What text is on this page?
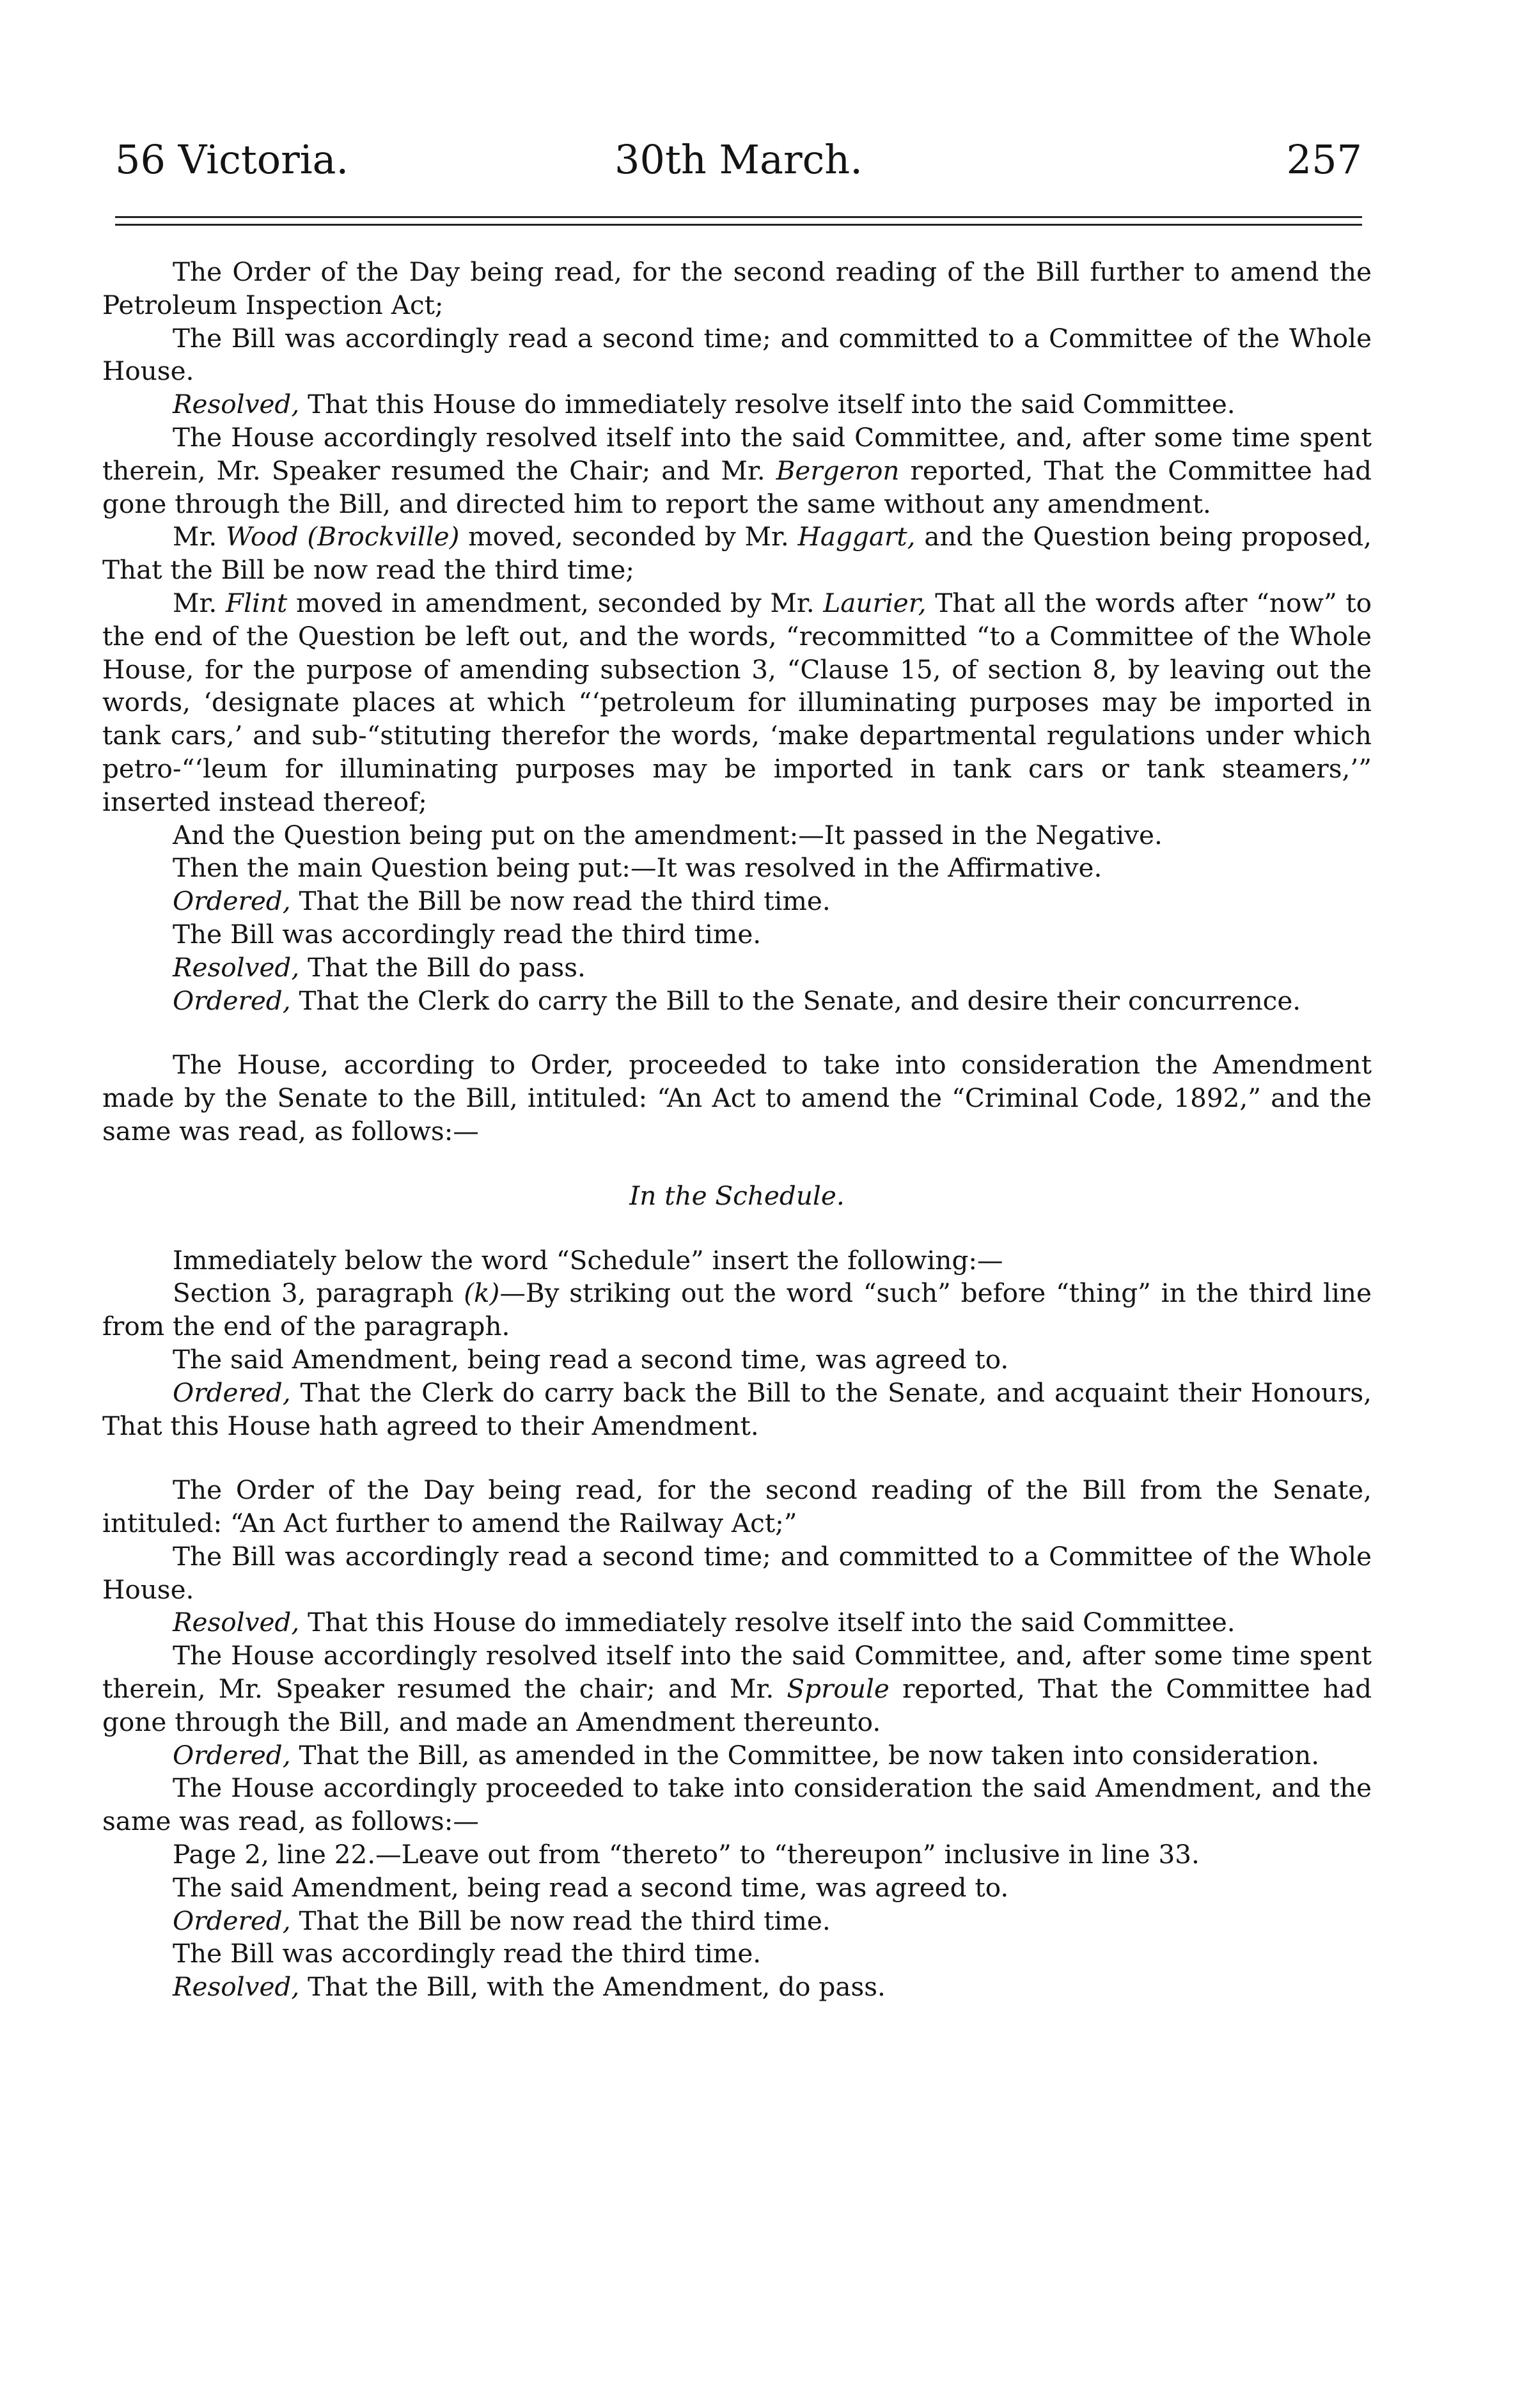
56 Victoria.	30th March.	257

The Order of the Day being read, for the second reading of the Bill further to amend the Petroleum Inspection Act;

The Bill was accordingly read a second time; and committed to a Committee of the Whole House.

Resolved, That this House do immediately resolve itself into the said Committee.

The House accordingly resolved itself into the said Committee, and, after some time spent therein, Mr. Speaker resumed the Chair; and Mr. Bergeron reported, That the Committee had gone through the Bill, and directed him to report the same without any amendment.

Mr. Wood (Brockville) moved, seconded by Mr. Haggart, and the Question being proposed, That the Bill be now read the third time;

Mr. Flint moved in amendment, seconded by Mr. Laurier, That all the words after “now” to the end of the Question be left out, and the words, “recommitted “to a Committee of the Whole House, for the purpose of amending subsection 3, “Clause 15, of section 8, by leaving out the words, ‘designate places at which “‘petroleum for illuminating purposes may be imported in tank cars,’ and sub-“stituting therefor the words, ‘make departmental regulations under which petro-“‘leum for illuminating purposes may be imported in tank cars or tank steamers,’” inserted instead thereof;

And the Question being put on the amendment:—It passed in the Negative.

Then the main Question being put:—It was resolved in the Affirmative.

Ordered, That the Bill be now read the third time.

The Bill was accordingly read the third time.

Resolved, That the Bill do pass.

Ordered, That the Clerk do carry the Bill to the Senate, and desire their concurrence.

The House, according to Order, proceeded to take into consideration the Amendment made by the Senate to the Bill, intituled: “An Act to amend the “Criminal Code, 1892,” and the same was read, as follows:—

In the Schedule.

Immediately below the word “Schedule” insert the following:—

Section 3, paragraph (k)—By striking out the word “such” before “thing” in the third line from the end of the paragraph.

The said Amendment, being read a second time, was agreed to.

Ordered, That the Clerk do carry back the Bill to the Senate, and acquaint their Honours, That this House hath agreed to their Amendment.

The Order of the Day being read, for the second reading of the Bill from the Senate, intituled: “An Act further to amend the Railway Act;”

The Bill was accordingly read a second time; and committed to a Committee of the Whole House.

Resolved, That this House do immediately resolve itself into the said Committee.

The House accordingly resolved itself into the said Committee, and, after some time spent therein, Mr. Speaker resumed the chair; and Mr. Sproule reported, That the Committee had gone through the Bill, and made an Amendment thereunto.

Ordered, That the Bill, as amended in the Committee, be now taken into consideration.

The House accordingly proceeded to take into consideration the said Amendment, and the same was read, as follows:—

Page 2, line 22.—Leave out from “thereto” to “thereupon” inclusive in line 33.

The said Amendment, being read a second time, was agreed to.

Ordered, That the Bill be now read the third time.

The Bill was accordingly read the third time.

Resolved, That the Bill, with the Amendment, do pass.
